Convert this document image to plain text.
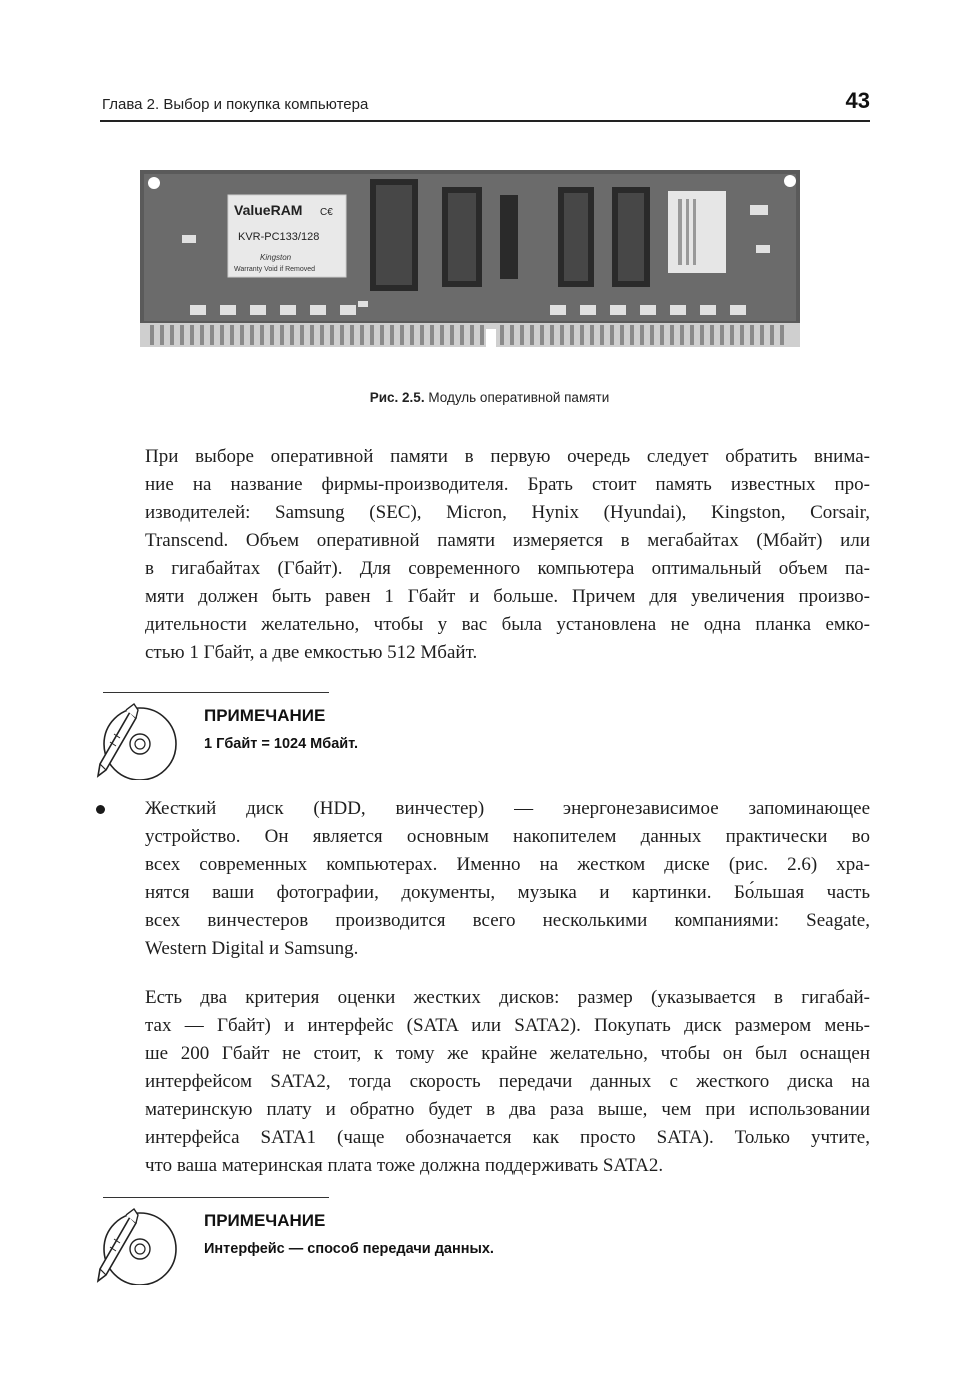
Глава 2. Выбор и покупка компьютера	43
ValueRAM C€
KVR-PC133/128
Kingston
Warranty Void if Removed
Рис. 2.5. Модуль оперативной памяти

При выборе оперативной памяти в первую очередь следует обратить внима-
ние на название фирмы-производителя. Брать стоит память известных про-
изводителей: Samsung (SEC), Micron, Hynix (Hyundai), Kingston, Corsair,
Transcend. Объем оперативной памяти измеряется в мегабайтах (Мбайт) или
в гигабайтах (Гбайт). Для современного компьютера оптимальный объем па-
мяти должен быть равен 1 Гбайт и больше. Причем для увеличения произво-
дительности желательно, чтобы у вас была установлена не одна планка емко-
стью 1 Гбайт, а две емкостью 512 Мбайт.

ПРИМЕЧАНИЕ
1 Гбайт = 1024 Мбайт.

Жесткий диск (HDD, винчестер) — энергонезависимое запоминающее
устройство. Он является основным накопителем данных практически во
всех современных компьютерах. Именно на жестком диске (рис. 2.6) хра-
нятся ваши фотографии, документы, музыка и картинки. Бо́льшая часть
всех винчестеров производится всего несколькими компаниями: Seagate,
Western Digital и Samsung.

Есть два критерия оценки жестких дисков: размер (указывается в гигабай-
тах — Гбайт) и интерфейс (SATA или SATA2). Покупать диск размером мень-
ше 200 Гбайт не стоит, к тому же крайне желательно, чтобы он был оснащен
интерфейсом SATA2, тогда скорость передачи данных с жесткого диска на
материнскую плату и обратно будет в два раза выше, чем при использовании
интерфейса SATA1 (чаще обозначается как просто SATA). Только учтите,
что ваша материнская плата тоже должна поддерживать SATA2.

ПРИМЕЧАНИЕ
Интерфейс — способ передачи данных.
